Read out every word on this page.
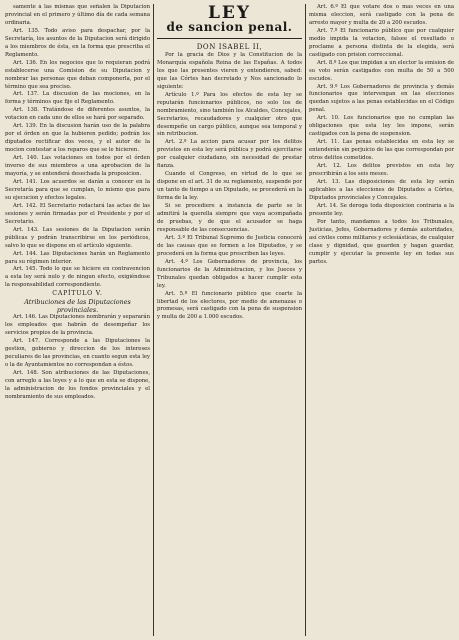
samente à las mismas que señalen la Diputacion provincial en el primero y último día de cada semana ordinaria.

Art. 135. Todo aviso para despachar, por la Secretaría, los asuntos de la Diputacion será dirigido a los miembros de ésta, en la forma que prescriba el Reglamento.

Art. 136. En los negocios que lo requieran podrá establecerse una Comision de su Diputacion y nombrar las personas que deban componerla, por el término que sea preciso.

Art. 137. La discusion de las mociones, en la forma y términos que fije el Reglamento.

Art. 138. Tratándose de diferentes asuntos, la votacion en cada uno de ellos se hará por separado.

Art. 139. En la discusion harán uso de la palabra por el órden en que la hubieren pedido; podrán los diputados rectificar dos veces, y el autor de la mocion contestar a los reparos que se le hicieren.

Art. 140. Las votaciones en todos por el órden inverso de sus miembros a una aprobacion de la mayoría, y se entenderá desechada la proposicion.

Art. 141. Los acuerdos se darán a conocer en la Secretaría para que se cumplan, lo mismo que para su ejecucion y efectos legales.

Art. 142. El Secretario redactará las actas de las sesiones y serán firmadas por el Presidente y por el Secretario.

Art. 143. Las sesiones de la Diputacion serán públicas y podrán transcribirse en los periódicos, salvo lo que se dispone en el artículo siguiente.

Art. 144. Las Diputaciones harán un Reglamento para su régimen interior.

Art. 145. Todo lo que se hiciere en contravencion a esta ley será nulo y de ningun efecto, exigiéndose la responsabilidad correspondiente.

CAPÍTULO V.

Atribuciones de las Diputaciones provinciales.

Art. 146. Las Diputaciones nombrarán y separarán los empleados que habrán de desempeñar los servicios propios de la provincia.

Art. 147. Corresponde a las Diputaciones la gestion, gobierno y direccion de los intereses peculiares de las provincias, en cuanto segun esta ley o la de Ayuntamientos no correspondan a éstos.

Art. 148. Son atribuciones de las Diputaciones, con arreglo a las leyes y a lo que en esta se dispone, la administracion de los fondos provinciales y el nombramiento de sus empleados.

LEY
de sancion penal.

DON ISABEL II,

Por la gracia de Dios y la Constitucion de la Monarquía española Reina de las Españas. A todos los que las presentes vieren y entendieren, sabed: que las Córtes han decretado y Nos sancionado lo siguiente:

Artículo 1.º Para los efectos de esta ley se reputarán funcionarios públicos, no solo los de nombramiento, sino también los Alcaldes, Concejales, Secretarios, recaudadores y cualquier otro que desempeñe un cargo público, aunque sea temporal y sin retribucion.

Art. 2.º La accion para acusar por los delitos previstos en esta ley será pública y podrá ejercitarse por cualquier ciudadano, sin necesidad de prestar fianza.

Cuando el Congreso, en virtud de lo que se dispone en el art. 31 de su reglamento, suspende por un tanto de tiempo a un Diputado, se procederá en la forma de la ley.

Si se procediere a instancia de parte se le admitirá la querella siempre que vaya acompañada de pruebas, y de que el acusador se haga responsable de las consecuencias.

Art. 3.º El Tribunal Supremo de Justicia conocerá de las causas que se formen a los Diputados, y se procederá en la forma que prescriben las leyes.

Art. 4.º Los Gobernadores de provincia, los funcionarios de la Administracion, y los Jueces y Tribunales quedan obligados a hacer cumplir esta ley.

Art. 5.º El funcionario público que coarte la libertad de los electores, por medio de amenazas o promesas, será castigado con la pena de suspension y multa de 200 a 1.000 escudos.

Art. 6.º El que votare dos o mas veces en una misma eleccion, será castigado con la pena de arresto mayor y multa de 20 a 200 escudos.

Art. 7.º El funcionario público que por cualquier medio impida la votacion, falsee el resultado o proclame a persona distinta de la elegida, será castigado con prision correccional.

Art. 8.º Los que impidan a un elector la emision de su voto serán castigados con multa de 50 a 500 escudos.

Art. 9.º Los Gobernadores de provincia y demás funcionarios que intervengan en las elecciones quedan sujetos a las penas establecidas en el Código penal.

Art. 10. Los funcionarios que no cumplan las obligaciones que esta ley les impone, serán castigados con la pena de suspension.

Art. 11. Las penas establecidas en esta ley se entenderán sin perjuicio de las que correspondan por otros delitos cometidos.

Art. 12. Los delitos previstos en esta ley prescribirán a los seis meses.

Art. 13. Las disposiciones de esta ley serán aplicables a las elecciones de Diputados a Córtes, Diputados provinciales y Concejales.

Art. 14. Se deroga toda disposicion contraria a la presente ley.

Por tanto, mandamos a todos los Tribunales, Justicias, Jefes, Gobernadores y demás autoridades, así civiles como militares y eclesiásticas, de cualquier clase y dignidad, que guarden y hagan guardar, cumplir y ejecutar la presente ley en todas sus partes.
